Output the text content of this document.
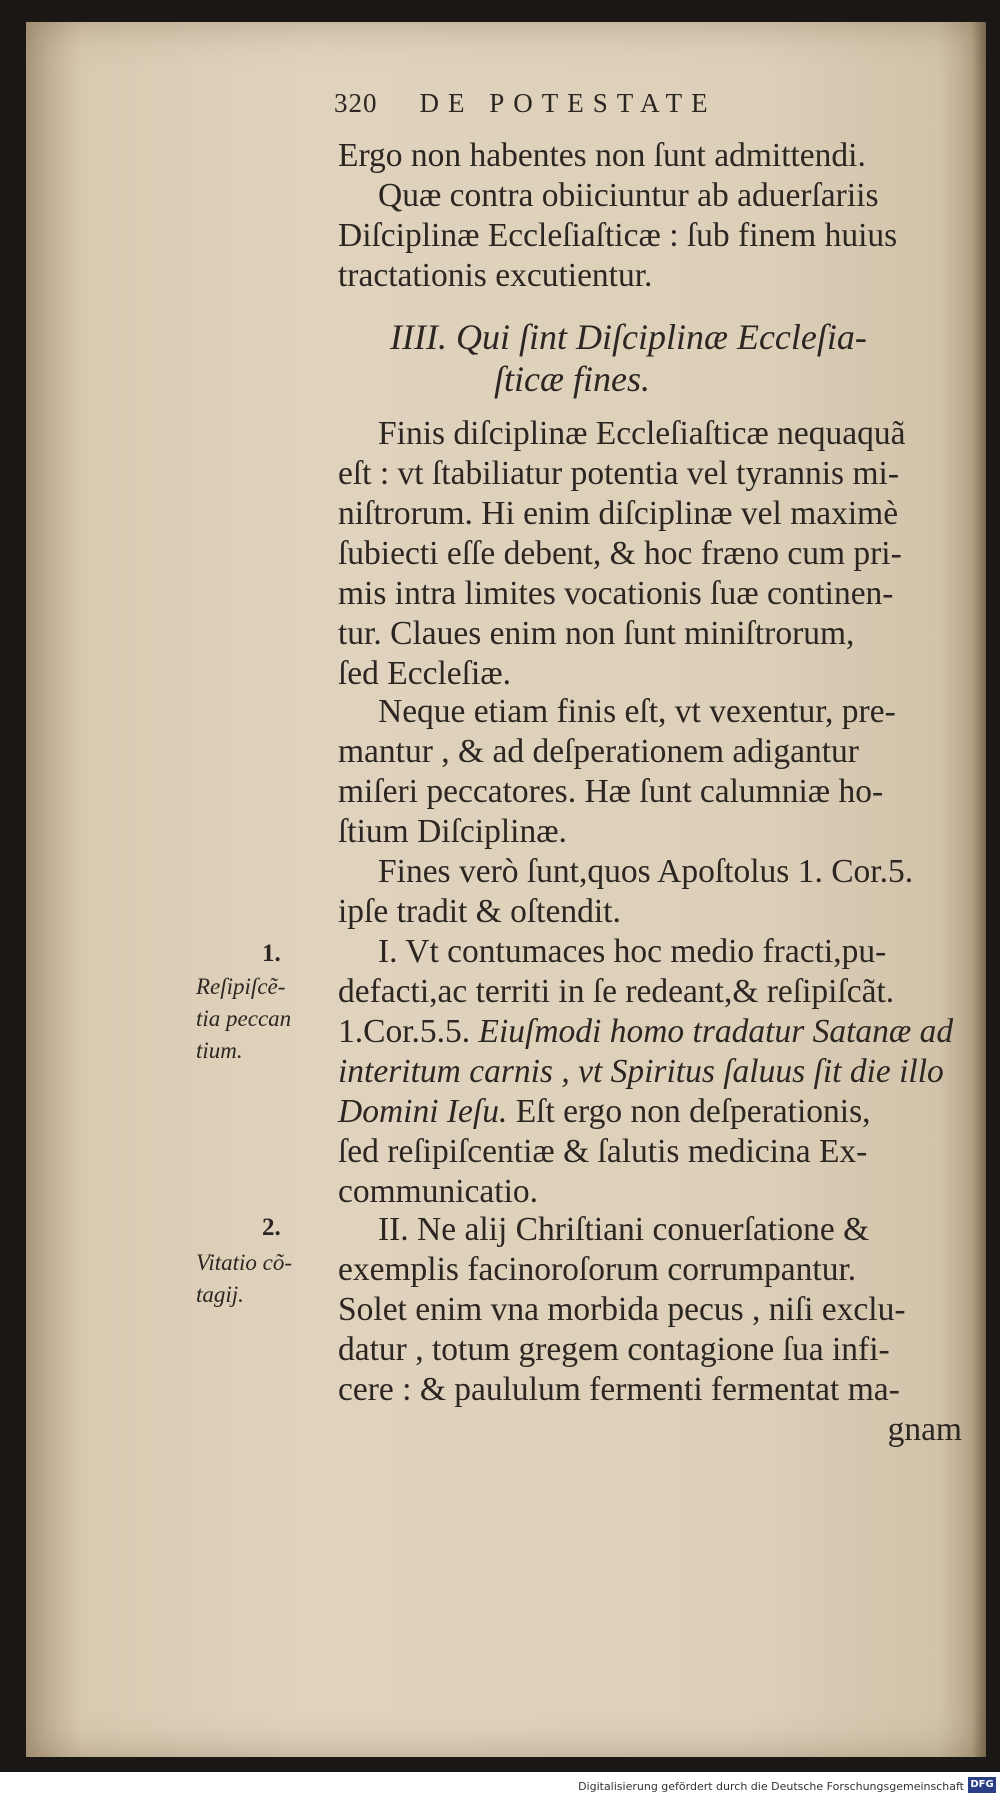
320 DE POTESTATE
Ergo non habentes non ſunt admittendi.
Quæ contra obiiciuntur ab aduerſariis
Diſciplinæ Eccleſiaſticæ : ſub finem huius
tractationis excutientur.
IIII. Qui ſint Diſciplinæ Eccleſia-
ſticæ fines.
Finis diſciplinæ Eccleſiaſticæ nequaquã
eſt : vt ſtabiliatur potentia vel tyrannis mi-
niſtrorum. Hi enim diſciplinæ vel maximè
ſubiecti eſſe debent, & hoc fræno cum pri-
mis intra limites vocationis ſuæ continen-
tur. Claues enim non ſunt miniſtrorum,
ſed Eccleſiæ.
Neque etiam finis eſt, vt vexentur, pre-
mantur , & ad deſperationem adigantur
miſeri peccatores. Hæ ſunt calumniæ ho-
ſtium Diſciplinæ.
Fines verò ſunt,quos Apoſtolus 1. Cor.5.
ipſe tradit & oſtendit.
1.
Reſipiſcẽ-
tia peccan
tium.
I. Vt contumaces hoc medio fracti,pu-
defacti,ac territi in ſe redeant,& reſipiſcãt.
1.Cor.5.5. Eiuſmodi homo tradatur Satanæ ad
interitum carnis , vt Spiritus ſaluus ſit die illo
Domini Ieſu. Eſt ergo non deſperationis,
ſed reſipiſcentiæ & ſalutis medicina Ex-
communicatio.
2.
Vitatio cõ-
tagij.
II. Ne alij Chriſtiani conuerſatione &
exemplis facinoroſorum corrumpantur.
Solet enim vna morbida pecus , niſi exclu-
datur , totum gregem contagione ſua infi-
cere : & paululum fermenti fermentat ma-
gnam
Digitalisierung gefördert durch die Deutsche Forschungsgemeinschaft DFG
